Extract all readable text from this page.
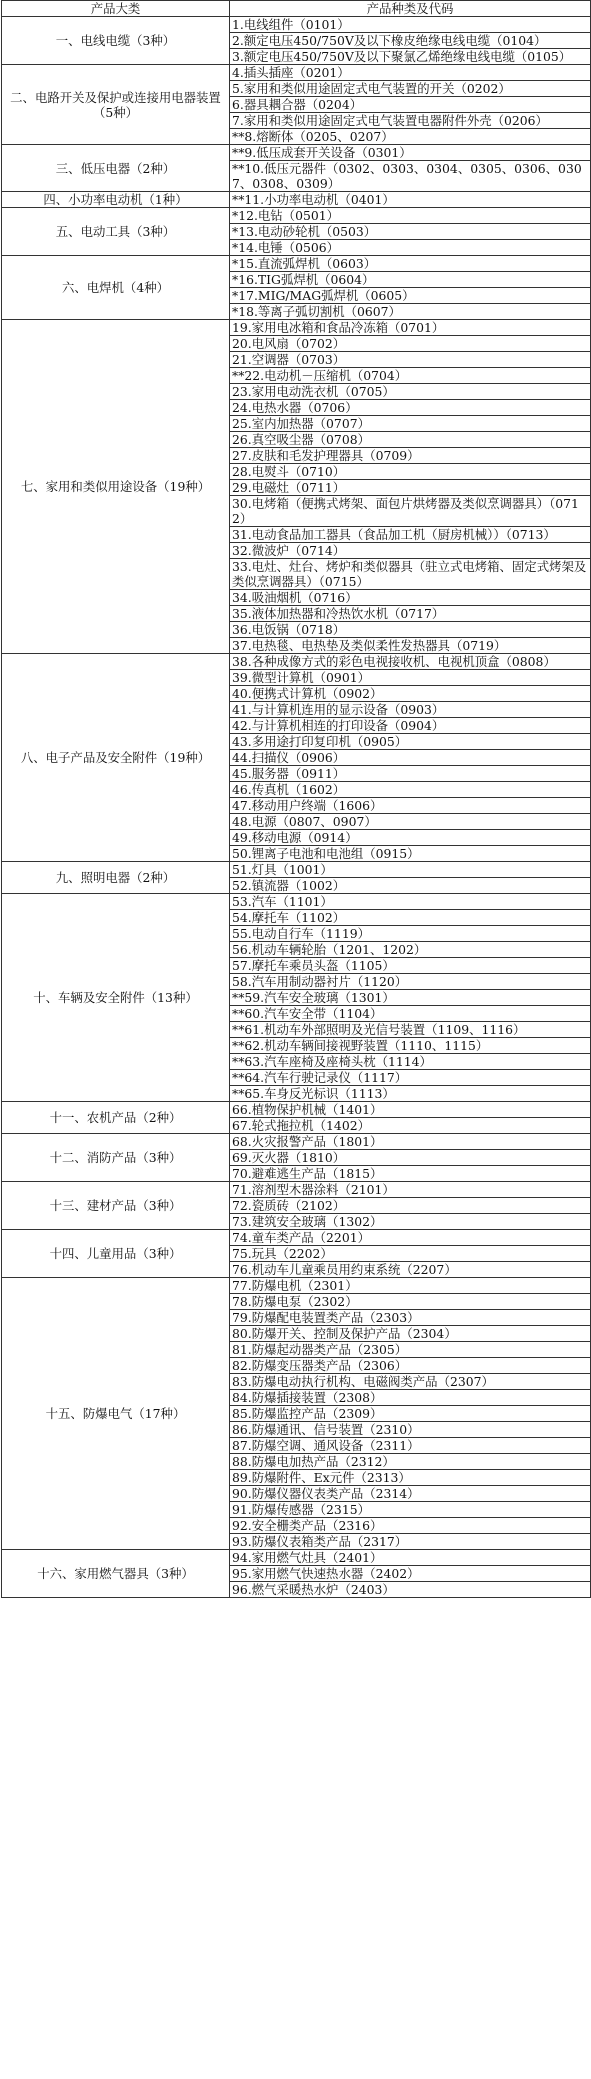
产品大类	产品种类及代码
一、电线电缆（3种）	1.电线组件（0101）
	2.额定电压450/750V及以下橡皮绝缘电线电缆（0104）
	3.额定电压450/750V及以下聚氯乙烯绝缘电线电缆（0105）
二、电路开关及保护或连接用电器装置（5种）	4.插头插座（0201）
	5.家用和类似用途固定式电气装置的开关（0202）
	6.器具耦合器（0204）
	7.家用和类似用途固定式电气装置电器附件外壳（0206）
	**8.熔断体（0205、0207）
三、低压电器（2种）	**9.低压成套开关设备（0301）
	**10.低压元器件（0302、0303、0304、0305、0306、0307、0308、0309）
四、小功率电动机（1种）	**11.小功率电动机（0401）
五、电动工具（3种）	*12.电钻（0501）
	*13.电动砂轮机（0503）
	*14.电锤（0506）
六、电焊机（4种）	*15.直流弧焊机（0603）
	*16.TIG弧焊机（0604）
	*17.MIG/MAG弧焊机（0605）
	*18.等离子弧切割机（0607）
七、家用和类似用途设备（19种）	19.家用电冰箱和食品冷冻箱（0701）
	20.电风扇（0702）
	21.空调器（0703）
	**22.电动机－压缩机（0704）
	23.家用电动洗衣机（0705）
	24.电热水器（0706）
	25.室内加热器（0707）
	26.真空吸尘器（0708）
	27.皮肤和毛发护理器具（0709）
	28.电熨斗（0710）
	29.电磁灶（0711）
	30.电烤箱（便携式烤架、面包片烘烤器及类似烹调器具）（0712）
	31.电动食品加工器具（食品加工机（厨房机械））（0713）
	32.微波炉（0714）
	33.电灶、灶台、烤炉和类似器具（驻立式电烤箱、固定式烤架及类似烹调器具）（0715）
	34.吸油烟机（0716）
	35.液体加热器和冷热饮水机（0717）
	36.电饭锅（0718）
	37.电热毯、电热垫及类似柔性发热器具（0719）
八、电子产品及安全附件（19种）	38.各种成像方式的彩色电视接收机、电视机顶盒（0808）
	39.微型计算机（0901）
	40.便携式计算机（0902）
	41.与计算机连用的显示设备（0903）
	42.与计算机相连的打印设备（0904）
	43.多用途打印复印机（0905）
	44.扫描仪（0906）
	45.服务器（0911）
	46.传真机（1602）
	47.移动用户终端（1606）
	48.电源（0807、0907）
	49.移动电源（0914）
	50.锂离子电池和电池组（0915）
九、照明电器（2种）	51.灯具（1001）
	52.镇流器（1002）
十、车辆及安全附件（13种）	53.汽车（1101）
	54.摩托车（1102）
	55.电动自行车（1119）
	56.机动车辆轮胎（1201、1202）
	57.摩托车乘员头盔（1105）
	58.汽车用制动器衬片（1120）
	**59.汽车安全玻璃（1301）
	**60.汽车安全带（1104）
	**61.机动车外部照明及光信号装置（1109、1116）
	**62.机动车辆间接视野装置（1110、1115）
	**63.汽车座椅及座椅头枕（1114）
	**64.汽车行驶记录仪（1117）
	**65.车身反光标识（1113）
十一、农机产品（2种）	66.植物保护机械（1401）
	67.轮式拖拉机（1402）
十二、消防产品（3种）	68.火灾报警产品（1801）
	69.灭火器（1810）
	70.避难逃生产品（1815）
十三、建材产品（3种）	71.溶剂型木器涂料（2101）
	72.瓷质砖（2102）
	73.建筑安全玻璃（1302）
十四、儿童用品（3种）	74.童车类产品（2201）
	75.玩具（2202）
	76.机动车儿童乘员用约束系统（2207）
十五、防爆电气（17种）	77.防爆电机（2301）
	78.防爆电泵（2302）
	79.防爆配电装置类产品（2303）
	80.防爆开关、控制及保护产品（2304）
	81.防爆起动器类产品（2305）
	82.防爆变压器类产品（2306）
	83.防爆电动执行机构、电磁阀类产品（2307）
	84.防爆插接装置（2308）
	85.防爆监控产品（2309）
	86.防爆通讯、信号装置（2310）
	87.防爆空调、通风设备（2311）
	88.防爆电加热产品（2312）
	89.防爆附件、Ex元件（2313）
	90.防爆仪器仪表类产品（2314）
	91.防爆传感器（2315）
	92.安全栅类产品（2316）
	93.防爆仪表箱类产品（2317）
十六、家用燃气器具（3种）	94.家用燃气灶具（2401）
	95.家用燃气快速热水器（2402）
	96.燃气采暖热水炉（2403）
